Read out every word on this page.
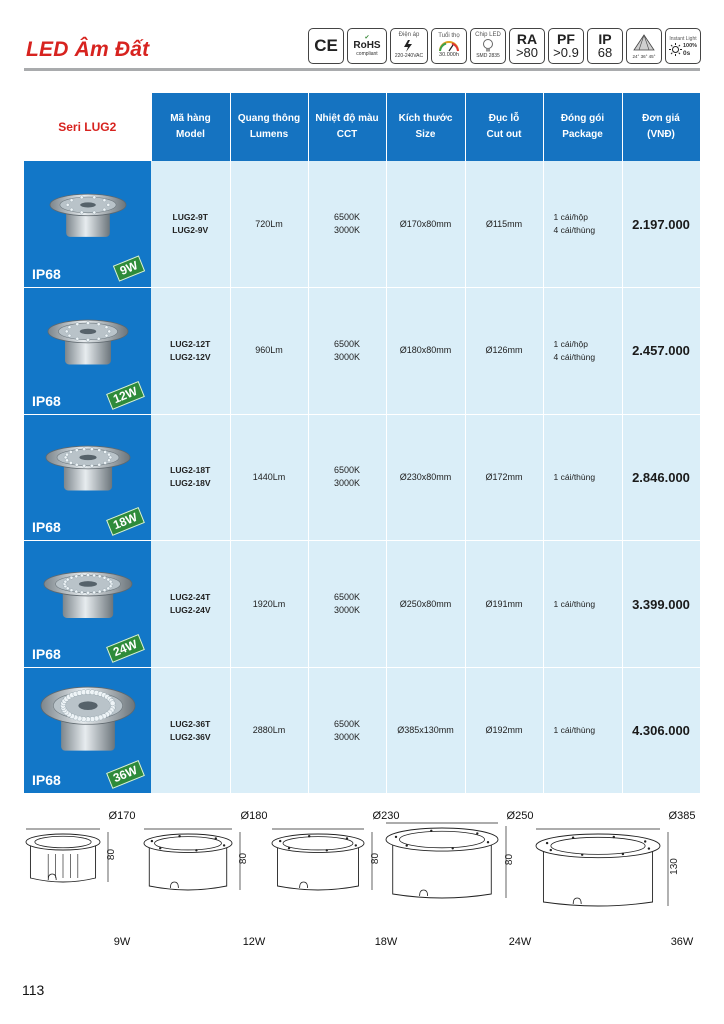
LED Âm Đất	CE	✔
RoHS
compliant
Điện áp
220-240VAC
Tuổi thọ
30.000h
Chip LED
SMD 2835
RA
>80
PF
>0.9
IP
68	24° 36° 45°
Instant Light
100%
0s
Seri LUG2	Mã hàng
Model	Quang thông
Lumens	Nhiệt độ màu
CCT	Kích thước
Size	Đục lỗ
Cut out	Đóng gói
Package	Đơn giá
(VNĐ)

IP68 9W	LUG2-9T
LUG2-9V	720Lm	6500K
3000K	Ø170x80mm	Ø115mm	1 cái/hộp
4 cái/thùng	2.197.000

IP68 12W	LUG2-12T
LUG2-12V	960Lm	6500K
3000K	Ø180x80mm	Ø126mm	1 cái/hộp
4 cái/thùng	2.457.000

IP68 18W	LUG2-18T
LUG2-18V	1440Lm	6500K
3000K	Ø230x80mm	Ø172mm	1 cái/thùng	2.846.000

IP68 24W	LUG2-24T
LUG2-24V	1920Lm	6500K
3000K	Ø250x80mm	Ø191mm	1 cái/thùng	3.399.000

IP68 36W	LUG2-36T
LUG2-36V	2880Lm	6500K
3000K	Ø385x130mm	Ø192mm	1 cái/thùng	4.306.000
Ø170
80
9W
Ø180
80
12W
Ø230
80
18W
Ø250
80
24W
Ø385
130
36W
113
